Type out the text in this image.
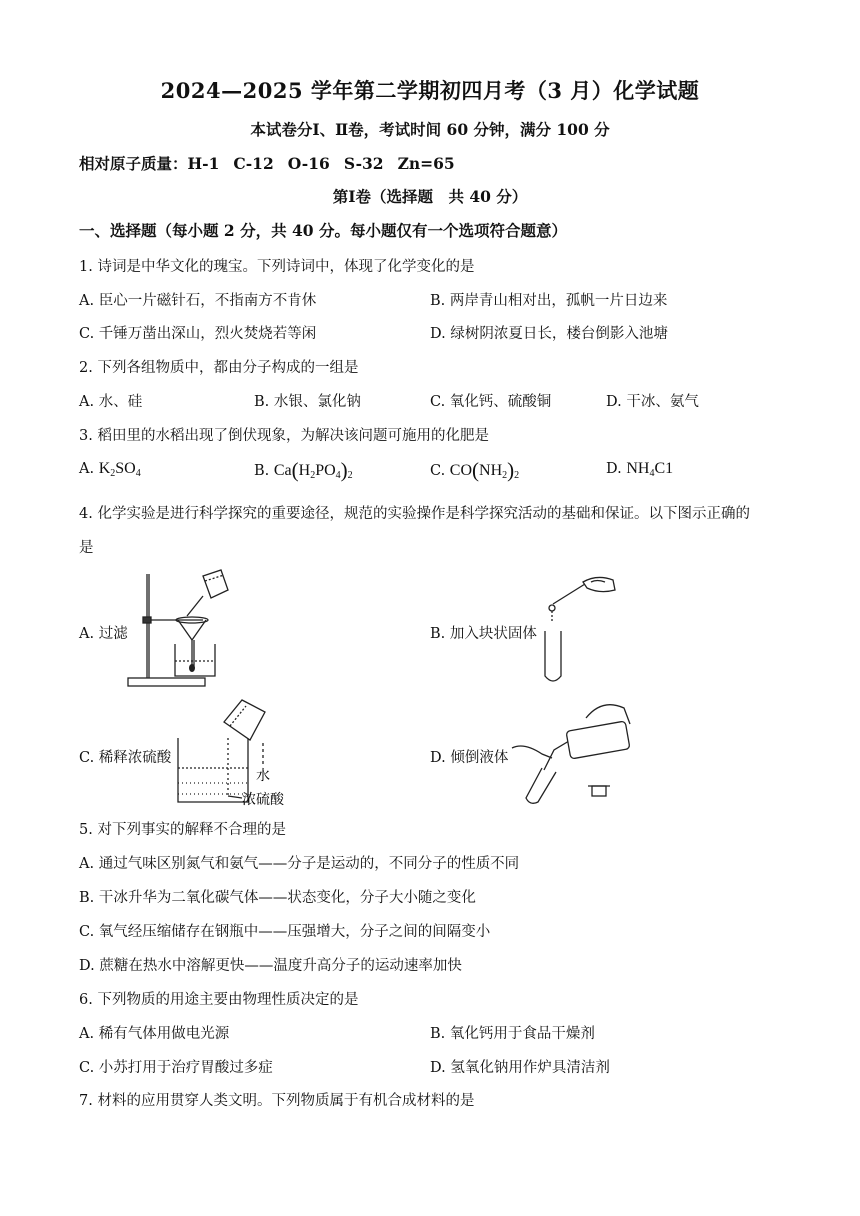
2024—2025 学年第二学期初四月考（3 月）化学试题
本试卷分Ⅰ、Ⅱ卷，考试时间 60 分钟，满分 100 分
相对原子质量：H-1 C-12 O-16 S-32 Zn=65
第Ⅰ卷（选择题　共 40 分）
一、选择题（每小题 2 分，共 40 分。每小题仅有一个选项符合题意）
1. 诗词是中华文化的瑰宝。下列诗词中，体现了化学变化的是
A. 臣心一片磁针石，不指南方不肯休	B. 两岸青山相对出，孤帆一片日边来
C. 千锤万凿出深山，烈火焚烧若等闲	D. 绿树阴浓夏日长，楼台倒影入池塘
2. 下列各组物质中，都由分子构成的一组是
A. 水、硅	B. 水银、氯化钠	C. 氧化钙、硫酸铜	D. 干冰、氨气
3. 稻田里的水稻出现了倒伏现象，为解决该问题可施用的化肥是
A. $K_2SO_4$	B. $Ca(H_2PO_4)_2$	C. $CO(NH_2)_2$	D. $NH_4C1$
4. 化学实验是进行科学探究的重要途径，规范的实验操作是科学探究活动的基础和保证。以下图示正确的
是
A. 过滤	B. 加入块状固体
水
浓硫酸
C. 稀释浓硫酸	D. 倾倒液体
5. 对下列事实的解释不合理的是
A. 通过气味区别氮气和氨气——分子是运动的，不同分子的性质不同
B. 干冰升华为二氧化碳气体——状态变化，分子大小随之变化
C. 氧气经压缩储存在钢瓶中——压强增大，分子之间的间隔变小
D. 蔗糖在热水中溶解更快——温度升高分子的运动速率加快
6. 下列物质的用途主要由物理性质决定的是
A. 稀有气体用做电光源	B. 氧化钙用于食品干燥剂
C. 小苏打用于治疗胃酸过多症	D. 氢氧化钠用作炉具清洁剂
7. 材料的应用贯穿人类文明。下列物质属于有机合成材料的是
